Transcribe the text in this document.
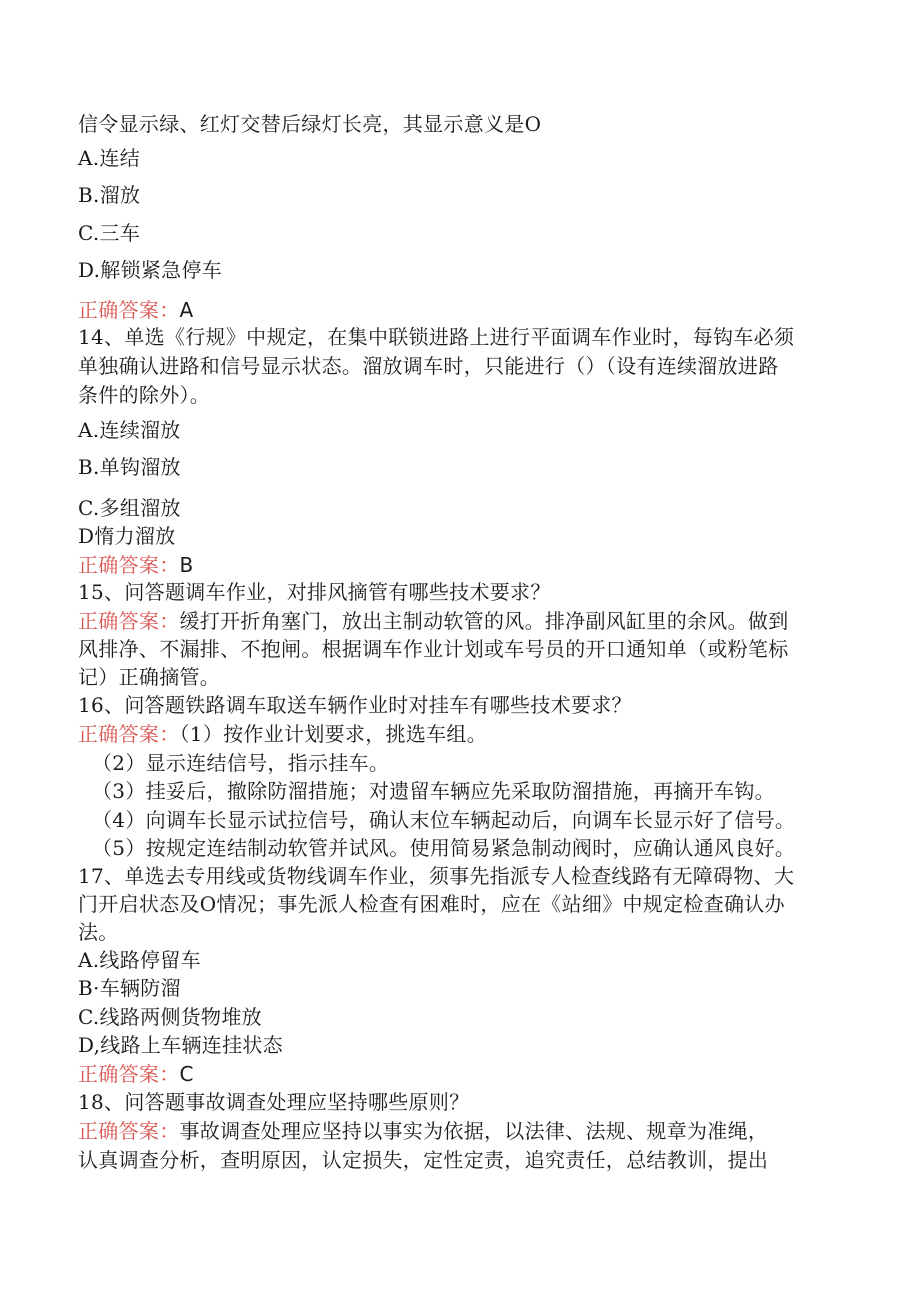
信令显示绿、红灯交替后绿灯长亮，其显示意义是O
A.连结
B.溜放
C.三车
D.解锁紧急停车
正确答案：A
14、单选《行规》中规定，在集中联锁进路上进行平面调车作业时，每钩车必须
单独确认进路和信号显示状态。溜放调车时，只能进行（）（设有连续溜放进路
条件的除外）。
A.连续溜放
B.单钩溜放
C.多组溜放
D惰力溜放
正确答案：B
15、问答题调车作业，对排风摘管有哪些技术要求？
正确答案：缓打开折角塞门，放出主制动软管的风。排净副风缸里的余风。做到
风排净、不漏排、不抱闸。根据调车作业计划或车号员的开口通知单（或粉笔标
记）正确摘管。
16、问答题铁路调车取送车辆作业时对挂车有哪些技术要求？
正确答案：（1）按作业计划要求，挑选车组。
（2）显示连结信号，指示挂车。
（3）挂妥后，撤除防溜措施；对遗留车辆应先采取防溜措施，再摘开车钩。
（4）向调车长显示试拉信号，确认末位车辆起动后，向调车长显示好了信号。
（5）按规定连结制动软管并试风。使用简易紧急制动阀时，应确认通风良好。
17、单选去专用线或货物线调车作业，须事先指派专人检查线路有无障碍物、大
门开启状态及O情况；事先派人检查有困难时，应在《站细》中规定检查确认办
法。
A.线路停留车
B·车辆防溜
C.线路两侧货物堆放
D,线路上车辆连挂状态
正确答案：C
18、问答题事故调查处理应坚持哪些原则？
正确答案：事故调查处理应坚持以事实为依据，以法律、法规、规章为准绳，
认真调查分析，查明原因，认定损失，定性定责，追究责任，总结教训，提出
